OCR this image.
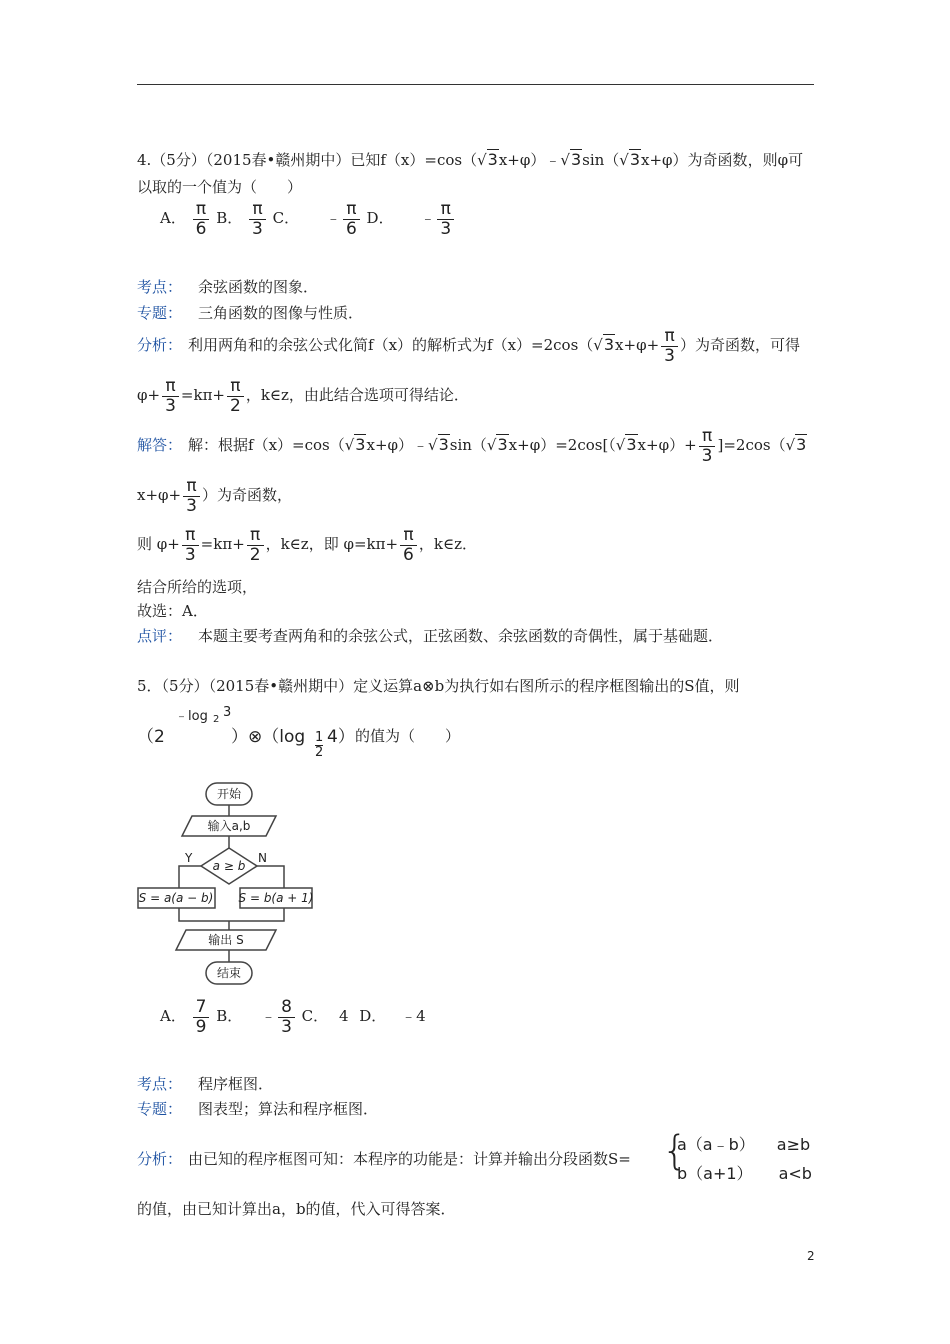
4.（5分）（2015春•赣州期中）已知f（x）=cos（√3x+φ）﹣√3sin（√3x+φ）为奇函数，则φ可
以取的一个值为（　　）
A． $\frac{\pi}{6}$ B． $\frac{\pi}{3}$ C． ﹣ $\frac{\pi}{6}$ D． ﹣ $\frac{\pi}{3}$
考点： 余弦函数的图象．
专题： 三角函数的图像与性质．
分析： 利用两角和的余弦公式化简f（x）的解析式为$f(x)=2\cos(√3x+\varphi+ \frac{\pi}{3}$ ）为奇函数，可得
$\varphi+ \frac{\pi}{3} =k\pi+ \frac{\pi}{2}$ ，k∈z，由此结合选项可得结论．
解答： 解：根据f（x）=cos（√3x+φ）﹣√3sin（√3x+φ）=2cos[（√3x+φ）+ $\frac{\pi}{3} ]=2\cos(√3$
$x+\varphi+ \frac{\pi}{3}$ ）为奇函数，
则 $\varphi+ \frac{\pi}{3} =k\pi+ \frac{\pi}{2}$ ，k∈z，即 $\varphi=k\pi+ \frac{\pi}{6}$ ，k∈z．
结合所给的选项，
故选：A．
点评： 本题主要考查两角和的余弦公式，正弦函数、余弦函数的奇偶性，属于基础题．
5．（5分）（2015春•赣州期中）定义运算a⊗b为执行如右图所示的程序框图输出的S值，则
（2
﹣log 2 3
）⊗（log 1
2
4） 的值为（　　）
开始
输入a,b
a ≥ b
Y	N
S = a(a − b) S = b(a + 1)
输出 S
结束
A． $\frac{7}{9}$ B． ﹣ $\frac{8}{3}$ C． 4 D． ﹣4
考点： 程序框图．
专题： 图表型；算法和程序框图．
分析： 由已知的程序框图可知：本程序的功能是：计算并输出分段函数S= {
a（a﹣b） a≥b
b（a+1） a<b
的值，由已知计算出a，b的值，代入可得答案．
2
